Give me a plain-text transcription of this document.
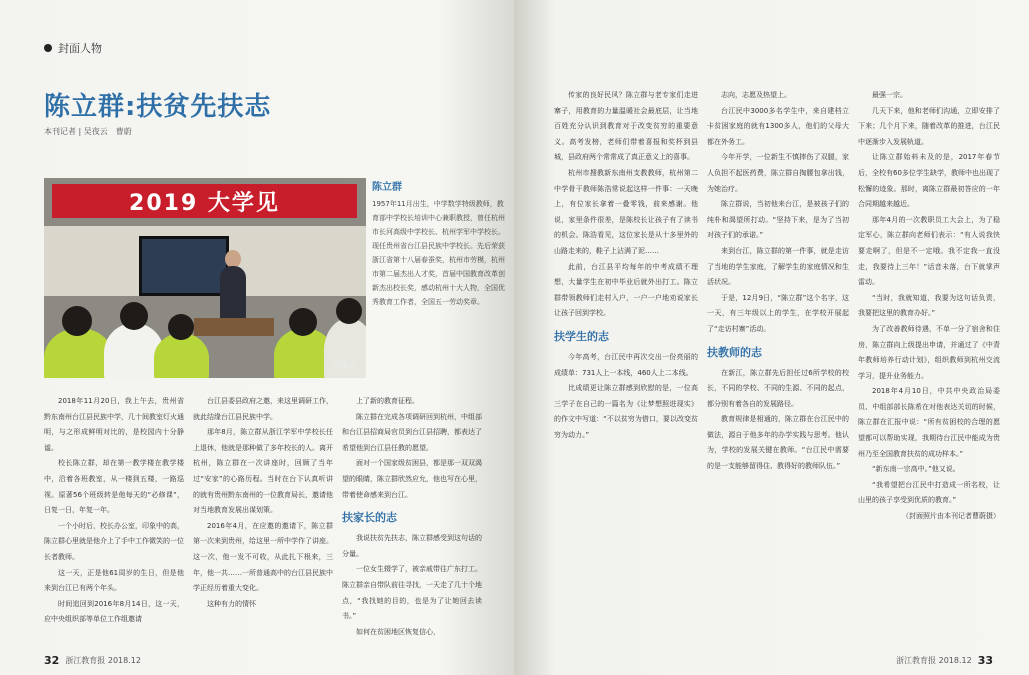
封面人物
陈立群:扶贫先扶志
本刊记者 | 吴夜云　曹蔚
2019 大学见
吴夜云
陈立群
1957年11月出生，中学数学特级教师，教育部中学校长培训中心兼职教授，曾任杭州市长河高级中学校长、杭州学军中学校长。现任贵州省台江县民族中学校长。先后荣获浙江省第十八届春蚕奖，杭州市劳模，杭州市第二届杰出人才奖，首届中国教育改革创新杰出校长奖，感动杭州十大人物，全国优秀教育工作者，全国五一劳动奖章。

2018年11月20日，我上午去，贵州省黔东南州台江县民族中学，几十间教室灯火通明，与之形成鲜明对比的，是校园内十分静谧。

校长陈立群，却在第一教学楼在教学楼中，沿着各班教室，从一楼到五楼，一路巡视。原著56个班级转是他每天的“必修课”，日复一日，年复一年。

一个小时后，校长办公室，印象中的高，陈立群心里就是他介上了手中工作微笑的一位长者教师。

这一天，正是他61周岁的生日，但是他来到台江已有两个年头。

时间追回到2016年8月14日，这一天，应中央组织部等单位工作组邀请

台江县委县政府之邀，来这里调研工作，就此结缘台江县民族中学。

那年8月，陈立群从浙江学军中学校长任上退休，他就是那种做了多年校长的人。离开杭州，陈立群在一次讲座时，回顾了当年过“安家”的心路历程。当时在台下认真听讲的就有贵州黔东南州的一位教育局长，邀请他对当地教育发展出谋划策。

2016年4月，在应邀的邀请下，陈立群第一次来到贵州，给这里一所中学作了讲座。这一次，他一发不可收，从此扎下根来，三年，他一共……一所普通高中的台江县民族中学正经历着重大变化。

这种有力的情怀

上了新的教育征程。

陈立群在完成各项调研回到杭州，中组部和台江县招商局官员到台江县招聘，都表达了希望他到台江县任教的愿望。

面对一个国家级贫困县，都是那一双双渴望的眼睛，陈立群欣然应允，他也写在心里，带着使命感来到台江。

扶家长的志

我说扶贫先扶志，陈立群感受到这句话的分量。

一位女生辍学了，被亲戚带往广东打工。陈立群亲自带队前往寻找，一天走了几十个地点，“我找她的目的，也是为了让她回去读书。”

如何在贫困地区恢复信心，

32 浙江教育报 2018.12

传家的良好民风？陈立群与老专家们走进寨子，用教育的力量温暖社会最底层，让当地百姓充分认识到教育对于改变贫穷的重要意义。高考发榜，老师们带着喜报和奖杯到县城，县政府两个常常成了真正意义上的喜事。

杭州市搜教新东南州支教教师，杭州第二中学骨干教师陈浩常说起这样一件事：一天晚上，有位家长拿着一叠零钱，前来感谢。他说，家里条件很差，是陈校长让孩子有了读书的机会。陈浩看见，这位家长是从十多里外的山路走来的，鞋子上沾满了泥……

此前，台江县平均每年的中考成绩不理想，大量学生在初中毕业后就外出打工。陈立群带领教师们走村入户，一户一户地劝说家长让孩子回到学校。

扶学生的志

今年高考，台江民中再次交出一份亮丽的成绩单：731人上一本线，460人上二本线。

比成绩更让陈立群感到欣慰的是，一位高三学子在自己的一篇名为《让梦想照进现实》的作文中写道：“不以贫穷为借口，要以改变贫穷为动力。”

志向，志愿及热望上。

台江民中3000多名学生中，来自建档立卡贫困家庭的就有1300多人，他们的父母大都在外务工。

今年开学，一位新生不慎摔伤了双腿，家人负担不起医药费，陈立群自掏腰包拿出钱，为她治疗。

陈立群说，当初他来台江，是被孩子们的纯朴和渴望所打动。“坚持下来，是为了当初对孩子们的承诺。”

来到台江，陈立群的第一件事，就是走访了当地的学生家庭，了解学生的家庭情况和生活状况。

于是，12月9日，“陈立群”这个名字，这一天，有三年级以上的学生，在学校开展起了“走访村寨”活动。

扶教师的志

在新江，陈立群先后担任过6所学校的校长，不同的学校、不同的生源、不同的起点，都分别有着各自的发展路径。

教育规律是相通的，陈立群在台江民中的做法，源自于他多年的办学实践与思考。他认为，学校的发展关键在教师。“台江民中需要的是一支能够留得住、教得好的教师队伍。”

最强一宗。

几天下来，他和老师们沟通，立即安排了下来；几个月下来，随着改革的推进，台江民中逐渐步入发展轨道。

让陈立群始料未及的是，2017年春节后，全校有60多位学生缺学，教师中也出现了松懈的迹象。那时，离陈立群最初答应的一年合同期越来越近。

那年4月的一次教职员工大会上，为了稳定军心，陈立群向老师们表示：“有人说我快要走啊了，但是不一定哦。我不定我一直没走，我要待上三年！”话音未落，台下就掌声雷动。

“当时，我就知道，我要为这句话负责，我要把这里的教育办好。”

为了改善教师待遇，不单一分了宿舍和住房，陈立群向上级提出申请，并通过了《中青年教师培养行动计划》，组织教师到杭州交流学习，提升业务能力。

2018年4月10日，中共中央政治局委员、中组部部长陈希在对他表达关切的时候，陈立群在汇报中说：“所有贫困校的合理的愿望都可以帮助实现，我期待台江民中能成为贵州乃至全国教育扶贫的成功样本。”

“新东南一宗高中。”他又说。

“我希望把台江民中打造成一所名校，让山里的孩子享受到优质的教育。”

（封面照片由本刊记者曹蔚摄）

浙江教育报 2018.12 33
